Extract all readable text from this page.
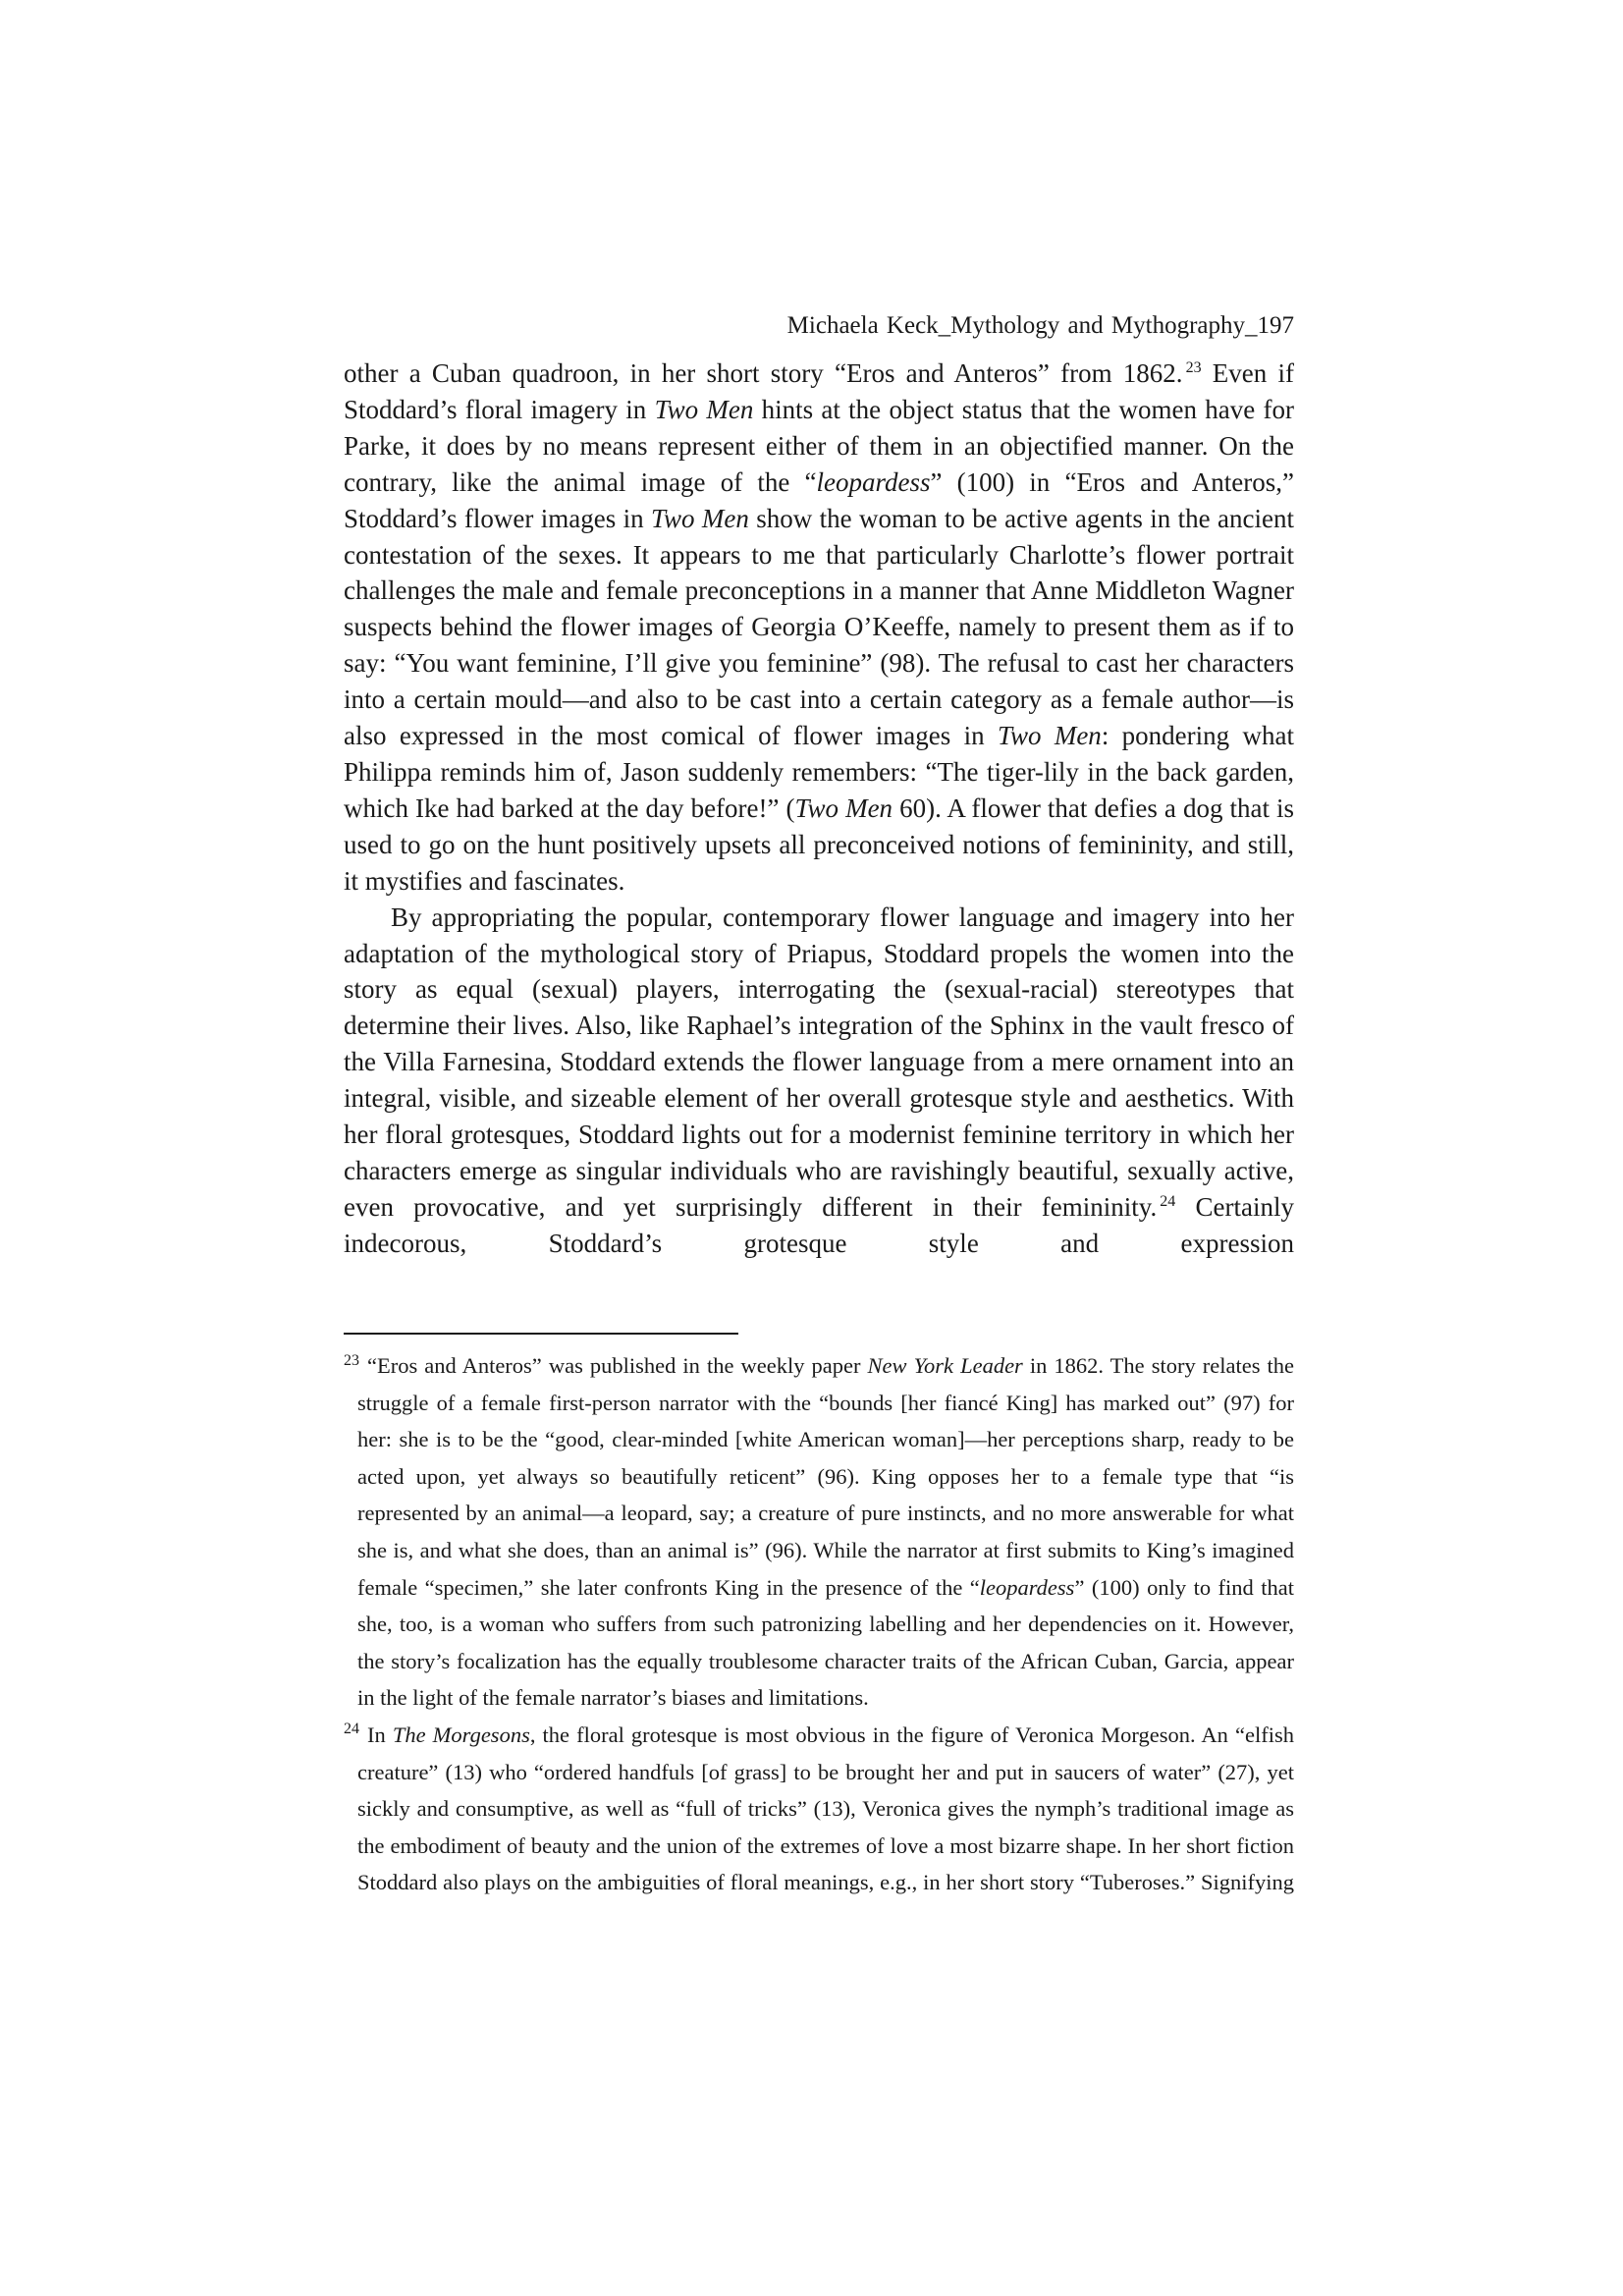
Michaela Keck_Mythology and Mythography_197

other a Cuban quadroon, in her short story “Eros and Anteros” from 1862. $^{23}$ Even if Stoddard’s floral imagery in Two Men hints at the object status that the women have for Parke, it does by no means represent either of them in an objectified manner. On the contrary, like the animal image of the “leopardess” (100) in “Eros and Anteros,” Stoddard’s flower images in Two Men show the woman to be active agents in the ancient contestation of the sexes. It appears to me that particularly Charlotte’s flower portrait challenges the male and female preconceptions in a manner that Anne Middleton Wagner suspects behind the flower images of Georgia O’Keeffe, namely to present them as if to say: “You want feminine, I’ll give you feminine” (98). The refusal to cast her characters into a certain mould—and also to be cast into a certain category as a female author—is also expressed in the most comical of flower images in Two Men: pondering what Philippa reminds him of, Jason suddenly remembers: “The tiger-lily in the back garden, which Ike had barked at the day before!” (Two Men 60). A flower that defies a dog that is used to go on the hunt positively upsets all preconceived notions of femininity, and still, it mystifies and fascinates.

By appropriating the popular, contemporary flower language and imagery into her adaptation of the mythological story of Priapus, Stoddard propels the women into the story as equal (sexual) players, interrogating the (sexual-racial) stereotypes that determine their lives. Also, like Raphael’s integration of the Sphinx in the vault fresco of the Villa Farnesina, Stoddard extends the flower language from a mere ornament into an integral, visible, and sizeable element of her overall grotesque style and aesthetics. With her floral grotesques, Stoddard lights out for a modernist feminine territory in which her characters emerge as singular individuals who are ravishingly beautiful, sexually active, even provocative, and yet surprisingly different in their femininity. $^{24}$ Certainly indecorous, Stoddard’s grotesque style and expression

$^{23}$ “Eros and Anteros” was published in the weekly paper New York Leader in 1862. The story relates the struggle of a female first-person narrator with the “bounds [her fiancé King] has marked out” (97) for her: she is to be the “good, clear-minded [white American woman]—her perceptions sharp, ready to be acted upon, yet always so beautifully reticent” (96). King opposes her to a female type that “is represented by an animal—a leopard, say; a creature of pure instincts, and no more answerable for what she is, and what she does, than an animal is” (96). While the narrator at first submits to King’s imagined female “specimen,” she later confronts King in the presence of the “leopardess” (100) only to find that she, too, is a woman who suffers from such patronizing labelling and her dependencies on it. However, the story’s focalization has the equally troublesome character traits of the African Cuban, Garcia, appear in the light of the female narrator’s biases and limitations.
$^{24}$ In The Morgesons, the floral grotesque is most obvious in the figure of Veronica Morgeson. An “elfish creature” (13) who “ordered handfuls [of grass] to be brought her and put in saucers of water” (27), yet sickly and consumptive, as well as “full of tricks” (13), Veronica gives the nymph’s traditional image as the embodiment of beauty and the union of the extremes of love a most bizarre shape. In her short fiction Stoddard also plays on the ambiguities of floral meanings, e.g., in her short story “Tuberoses.” Signifying
